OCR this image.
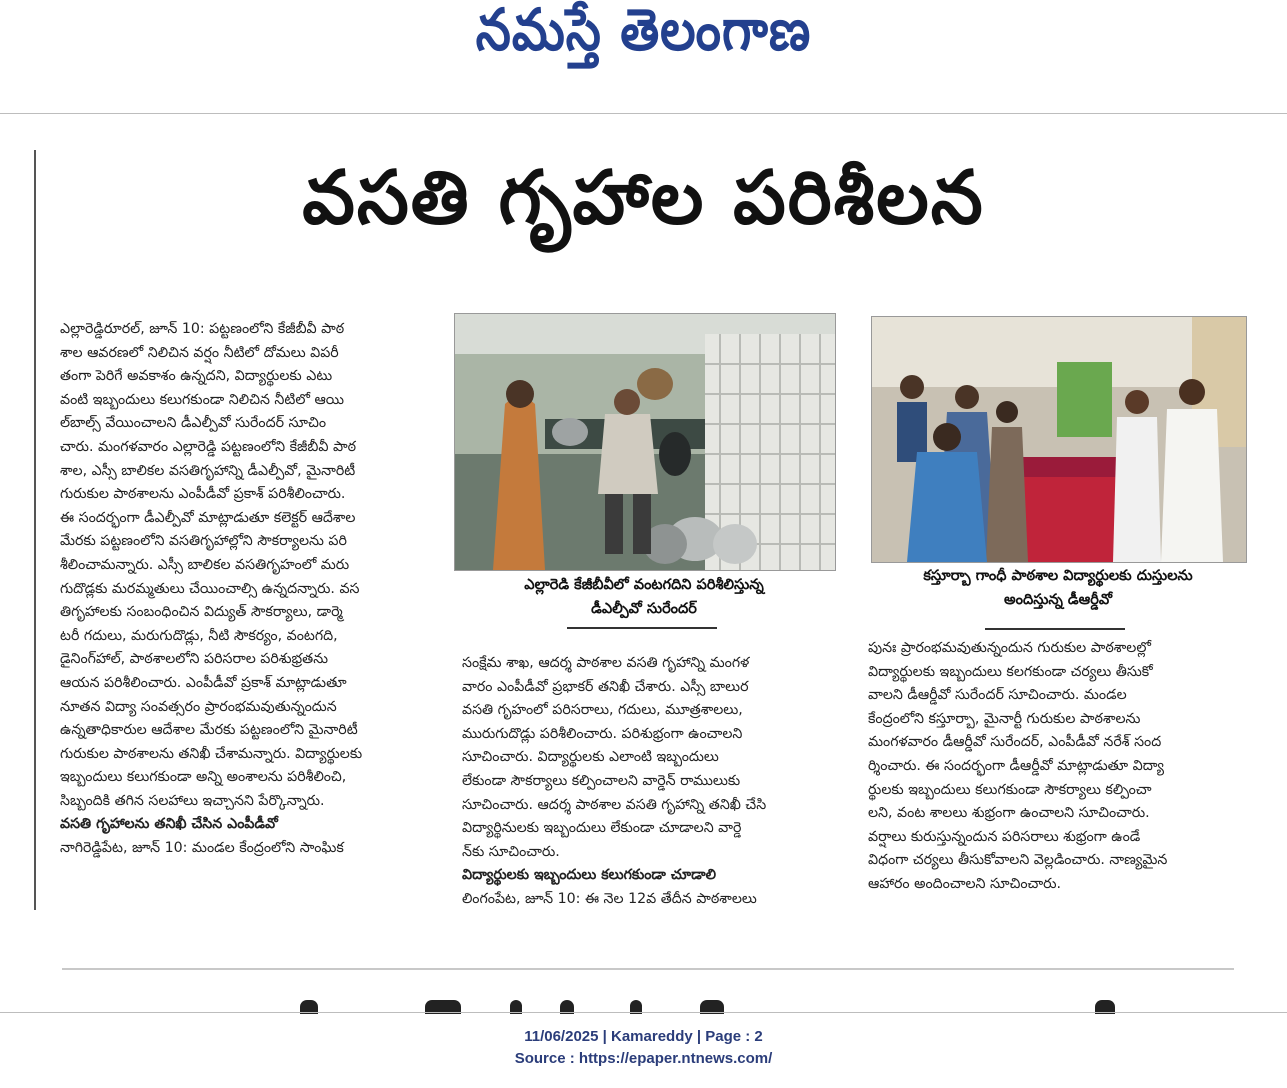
నమస్తే తెలంగాణ
వసతి గృహాల పరిశీలన

ఎల్లారెడ్డిరూరల్, జూన్ 10: పట్టణంలోని కేజీబీవీ పాఠ

శాల ఆవరణలో నిలిచిన వర్షం నీటిలో దోమలు విపరీ

తంగా పెరిగే అవకాశం ఉన్నదని, విద్యార్థులకు ఎటు

వంటి ఇబ్బందులు కలుగకుండా నిలిచిన నీటిలో ఆయి

ల్‌బాల్స్ వేయించాలని డీఎల్పీవో సురేందర్ సూచిం

చారు. మంగళవారం ఎల్లారెడ్డి పట్టణంలోని కేజీబీవీ పాఠ

శాల, ఎస్సీ బాలికల వసతిగృహాన్ని డీఎల్పీవో, మైనారిటీ

గురుకుల పాఠశాలను ఎంపీడీవో ప్రకాశ్ పరిశీలించారు.

ఈ సందర్భంగా డీఎల్పీవో మాట్లాడుతూ కలెక్టర్ ఆదేశాల

మేరకు పట్టణంలోని వసతిగృహాల్లోని సౌకర్యాలను పరి

శీలించామన్నారు. ఎస్సీ బాలికల వసతిగృహంలో మరు

గుదొడ్లకు మరమ్మతులు చేయించాల్సి ఉన్నదన్నారు. వస

తిగృహాలకు సంబంధించిన విద్యుత్ సౌకర్యాలు, డార్మె

టరీ గదులు, మరుగుదొడ్లు, నీటి సౌకర్యం, వంటగది,

డైనింగ్‌హాల్, పాఠశాలలోని పరిసరాల పరిశుభ్రతను

ఆయన పరిశీలించారు. ఎంపీడీవో ప్రకాశ్ మాట్లాడుతూ

నూతన విద్యా సంవత్సరం ప్రారంభమవుతున్నందున

ఉన్నతాధికారుల ఆదేశాల మేరకు పట్టణంలోని మైనారిటీ

గురుకుల పాఠశాలను తనిఖీ చేశామన్నారు. విద్యార్థులకు

ఇబ్బందులు కలుగకుండా అన్ని అంశాలను పరిశీలించి,

సిబ్బందికి తగిన సలహాలు ఇచ్చానని పేర్కొన్నారు.

వసతి గృహాలను తనిఖీ చేసిన ఎంపీడీవో

నాగిరెడ్డిపేట, జూన్ 10: మండల కేంద్రంలోని సాంఘిక

ఎల్లారెడి కేజీబీవీలో వంటగదిని పరిశీలిస్తున్న
డీఎల్పీవో సురేందర్
కస్తూర్బా గాంధీ పాఠశాల విద్యార్థులకు దుస్తులను
అందిస్తున్న డీఆర్డీవో

సంక్షేమ శాఖ, ఆదర్శ పాఠశాల వసతి గృహాన్ని మంగళ

వారం ఎంపీడీవో ప్రభాకర్ తనిఖీ చేశారు. ఎస్సీ బాలుర

వసతి గృహంలో పరిసరాలు, గదులు, మూత్రశాలలు,

మురుగుదొడ్లు పరిశీలించారు. పరిశుభ్రంగా ఉంచాలని

సూచించారు. విద్యార్థులకు ఎలాంటి ఇబ్బందులు

లేకుండా సౌకర్యాలు కల్పించాలని వార్డెన్ రాములుకు

సూచించారు. ఆదర్శ పాఠశాల వసతి గృహాన్ని తనిఖీ చేసి

విద్యార్థినులకు ఇబ్బందులు లేకుండా చూడాలని వార్డె

న్‌కు సూచించారు.

విద్యార్థులకు ఇబ్బందులు కలుగకుండా చూడాలి

లింగంపేట, జూన్ 10: ఈ నెల 12వ తేదీన పాఠశాలలు

పునః ప్రారంభమవుతున్నందున గురుకుల పాఠశాలల్లో

విద్యార్థులకు ఇబ్బందులు కలగకుండా చర్యలు తీసుకో

వాలని డీఆర్డీవో సురేందర్ సూచించారు. మండల

కేంద్రంలోని కస్తూర్బా, మైనార్టీ గురుకుల పాఠశాలను

మంగళవారం డీఆర్డీవో సురేందర్, ఎంపీడీవో నరేశ్ సంద

ర్శించారు. ఈ సందర్భంగా డీఆర్డీవో మాట్లాడుతూ విద్యా

ర్థులకు ఇబ్బందులు కలుగకుండా సౌకర్యాలు కల్పించా

లని, వంట శాలలు శుభ్రంగా ఉంచాలని సూచించారు.

వర్షాలు కురుస్తున్నందున పరిసరాలు శుభ్రంగా ఉండే

విధంగా చర్యలు తీసుకోవాలని వెల్లడించారు. నాణ్యమైన

ఆహారం అందించాలని సూచించారు.

11/06/2025 | Kamareddy | Page : 2
Source : https://epaper.ntnews.com/
